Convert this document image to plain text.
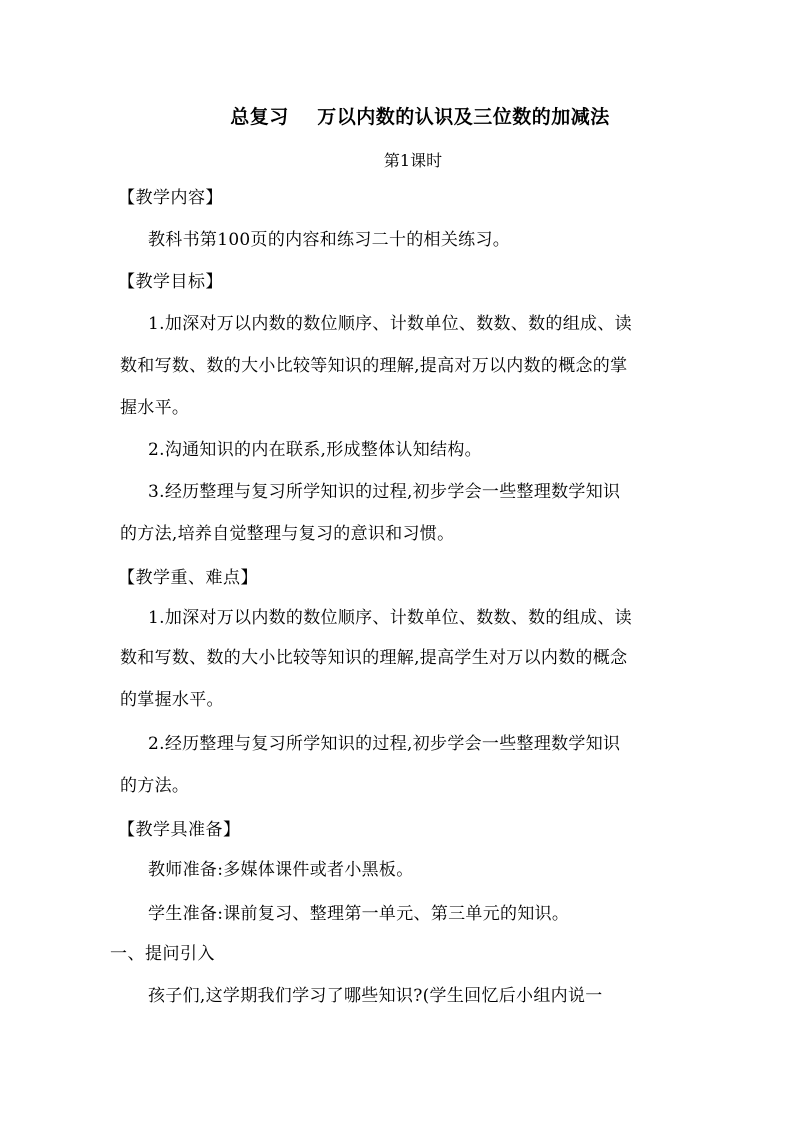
总复习    万以内数的认识及三位数的加减法
第1课时
【教学内容】
教科书第100页的内容和练习二十的相关练习。
【教学目标】
1.加深对万以内数的数位顺序、计数单位、数数、数的组成、读
数和写数、数的大小比较等知识的理解,提高对万以内数的概念的掌
握水平。
2.沟通知识的内在联系,形成整体认知结构。
3.经历整理与复习所学知识的过程,初步学会一些整理数学知识
的方法,培养自觉整理与复习的意识和习惯。
【教学重、难点】
1.加深对万以内数的数位顺序、计数单位、数数、数的组成、读
数和写数、数的大小比较等知识的理解,提高学生对万以内数的概念
的掌握水平。
2.经历整理与复习所学知识的过程,初步学会一些整理数学知识
的方法。
【教学具准备】
教师准备:多媒体课件或者小黑板。
学生准备:课前复习、整理第一单元、第三单元的知识。
一、提问引入
孩子们,这学期我们学习了哪些知识?(学生回忆后小组内说一
